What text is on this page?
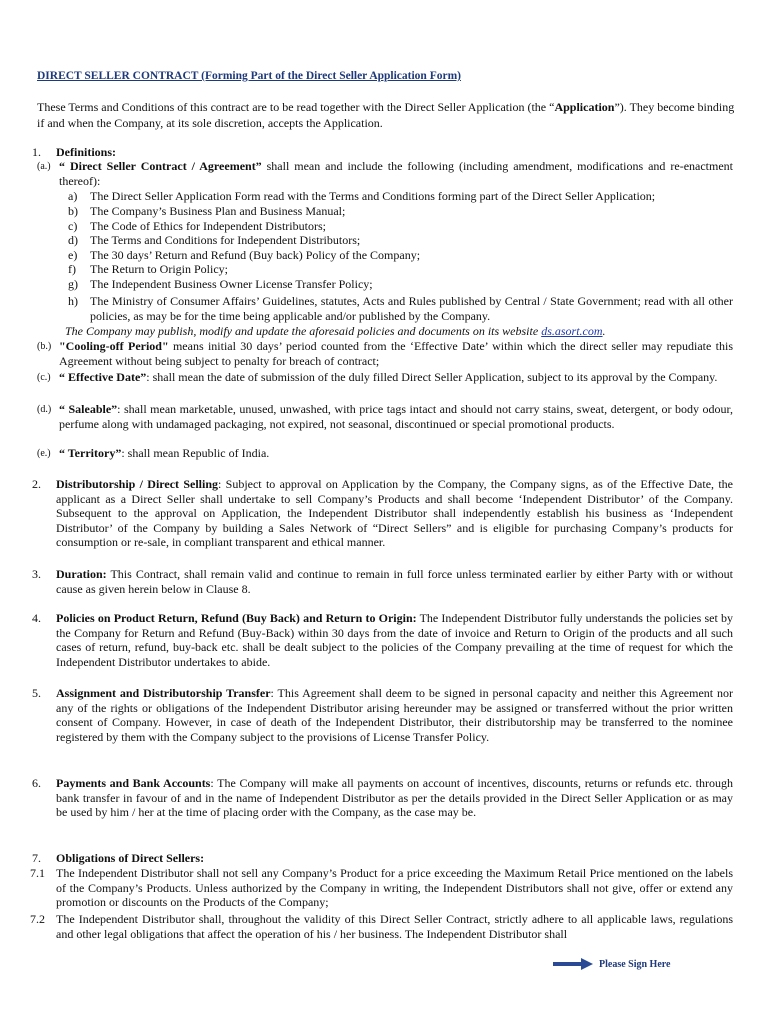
DIRECT SELLER CONTRACT (Forming Part of the Direct Seller Application Form)
These Terms and Conditions of this contract are to be read together with the Direct Seller Application (the “Application”). They become binding if and when the Company, at its sole discretion, accepts the Application.
1. Definitions:
(a.) “ Direct Seller Contract / Agreement” shall mean and include the following (including amendment, modifications and re-enactment thereof):
a) The Direct Seller Application Form read with the Terms and Conditions forming part of the Direct Seller Application;
b) The Company’s Business Plan and Business Manual;
c) The Code of Ethics for Independent Distributors;
d) The Terms and Conditions for Independent Distributors;
e) The 30 days’ Return and Refund (Buy back) Policy of the Company;
f) The Return to Origin Policy;
g) The Independent Business Owner License Transfer Policy;
h) The Ministry of Consumer Affairs’ Guidelines, statutes, Acts and Rules published by Central / State Government; read with all other policies, as may be for the time being applicable and/or published by the Company.
The Company may publish, modify and update the aforesaid policies and documents on its website ds.asort.com.
(b.) "Cooling-off Period" means initial 30 days’ period counted from the ‘Effective Date’ within which the direct seller may repudiate this Agreement without being subject to penalty for breach of contract;
(c.) “ Effective Date”: shall mean the date of submission of the duly filled Direct Seller Application, subject to its approval by the Company.
(d.) “ Saleable”: shall mean marketable, unused, unwashed, with price tags intact and should not carry stains, sweat, detergent, or body odour, perfume along with undamaged packaging, not expired, not seasonal, discontinued or special promotional products.
(e.) “ Territory”: shall mean Republic of India.
2. Distributorship / Direct Selling: Subject to approval on Application by the Company, the Company signs, as of the Effective Date, the applicant as a Direct Seller shall undertake to sell Company’s Products and shall become ‘Independent Distributor’ of the Company. Subsequent to the approval on Application, the Independent Distributor shall independently establish his business as ‘Independent Distributor’ of the Company by building a Sales Network of “Direct Sellers” and is eligible for purchasing Company’s products for consumption or re-sale, in compliant transparent and ethical manner.
3. Duration: This Contract, shall remain valid and continue to remain in full force unless terminated earlier by either Party with or without cause as given herein below in Clause 8.
4. Policies on Product Return, Refund (Buy Back) and Return to Origin: The Independent Distributor fully understands the policies set by the Company for Return and Refund (Buy-Back) within 30 days from the date of invoice and Return to Origin of the products and all such cases of return, refund, buy-back etc. shall be dealt subject to the policies of the Company prevailing at the time of request for which the Independent Distributor undertakes to abide.
5. Assignment and Distributorship Transfer: This Agreement shall deem to be signed in personal capacity and neither this Agreement nor any of the rights or obligations of the Independent Distributor arising hereunder may be assigned or transferred without the prior written consent of Company. However, in case of death of the Independent Distributor, their distributorship may be transferred to the nominee registered by them with the Company subject to the provisions of License Transfer Policy.
6. Payments and Bank Accounts: The Company will make all payments on account of incentives, discounts, returns or refunds etc. through bank transfer in favour of and in the name of Independent Distributor as per the details provided in the Direct Seller Application or as may be used by him / her at the time of placing order with the Company, as the case may be.
7. Obligations of Direct Sellers:
7.1 The Independent Distributor shall not sell any Company’s Product for a price exceeding the Maximum Retail Price mentioned on the labels of the Company’s Products. Unless authorized by the Company in writing, the Independent Distributors shall not give, offer or extend any promotion or discounts on the Products of the Company;
7.2 The Independent Distributor shall, throughout the validity of this Direct Seller Contract, strictly adhere to all applicable laws, regulations and other legal obligations that affect the operation of his / her business. The Independent Distributor shall
Please Sign Here
